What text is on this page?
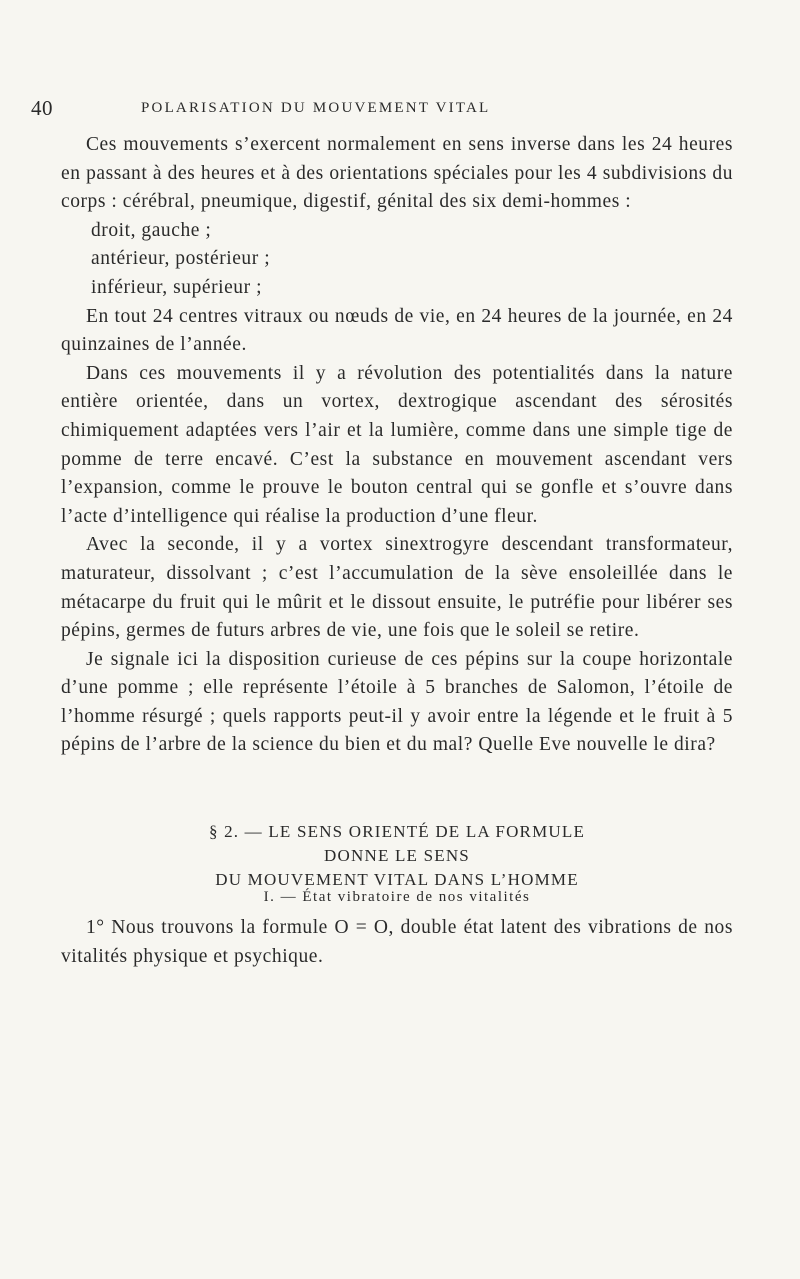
40	POLARISATION DU MOUVEMENT VITAL

Ces mouvements s’exercent normalement en sens inverse dans les 24 heures en passant à des heures et à des orientations spéciales pour les 4 subdivisions du corps : cérébral, pneumique, digestif, génital des six demi-hommes :

droit, gauche ;

antérieur, postérieur ;

inférieur, supérieur ;

En tout 24 centres vitraux ou nœuds de vie, en 24 heures de la journée, en 24 quinzaines de l’année.

Dans ces mouvements il y a révolution des potentialités dans la nature entière orientée, dans un vortex, dextrogique ascendant des sérosités chimiquement adaptées vers l’air et la lumière, comme dans une simple tige de pomme de terre encavé. C’est la substance en mouvement ascendant vers l’expansion, comme le prouve le bouton central qui se gonfle et s’ouvre dans l’acte d’intelligence qui réalise la production d’une fleur.

Avec la seconde, il y a vortex sinextrogyre descendant transformateur, maturateur, dissolvant ; c’est l’accumulation de la sève ensoleillée dans le métacarpe du fruit qui le mûrit et le dissout ensuite, le putréfie pour libérer ses pépins, germes de futurs arbres de vie, une fois que le soleil se retire.

Je signale ici la disposition curieuse de ces pépins sur la coupe horizontale d’une pomme ; elle représente l’étoile à 5 branches de Salomon, l’étoile de l’homme résurgé ; quels rapports peut-il y avoir entre la légende et le fruit à 5 pépins de l’arbre de la science du bien et du mal? Quelle Eve nouvelle le dira?

§ 2. — LE SENS ORIENTÉ DE LA FORMULE
DONNE LE SENS
DU MOUVEMENT VITAL DANS L’HOMME
I. — État vibratoire de nos vitalités

1° Nous trouvons la formule O = O, double état latent des vibrations de nos vitalités physique et psychique.
